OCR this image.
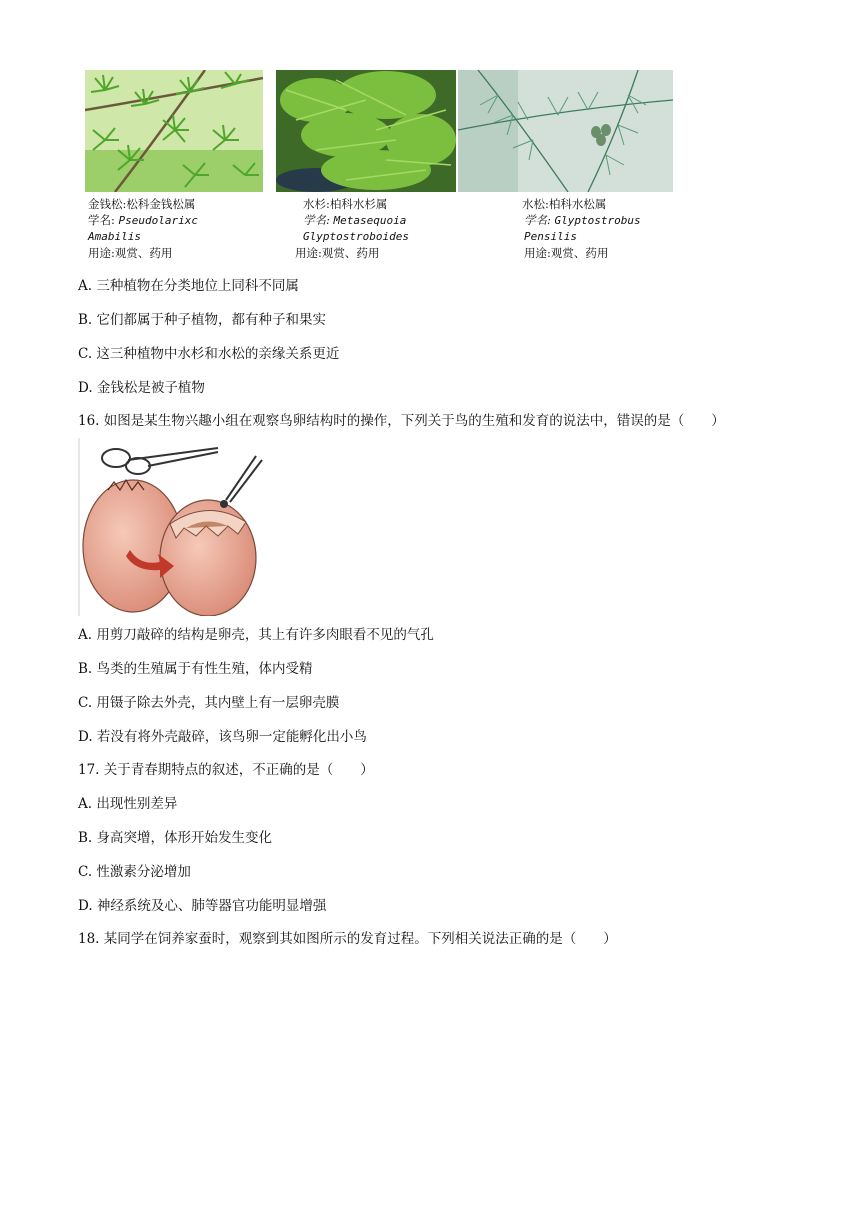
金钱松:松科金钱松属
学名: Pseudolarixc
Amabilis
用途:观赏、药用
水杉:柏科水杉属
学名: Metasequoia
Glyptostroboides
用途:观赏、药用
水松:柏科水松属
学名: Glyptostrobus
Pensilis
用途:观赏、药用
A. 三种植物在分类地位上同科不同属
B. 它们都属于种子植物，都有种子和果实
C. 这三种植物中水杉和水松的亲缘关系更近
D. 金钱松是被子植物
16. 如图是某生物兴趣小组在观察鸟卵结构时的操作，下列关于鸟的生殖和发育的说法中，错误的是（　　）
A. 用剪刀敲碎的结构是卵壳，其上有许多肉眼看不见的气孔
B. 鸟类的生殖属于有性生殖，体内受精
C. 用镊子除去外壳，其内壁上有一层卵壳膜
D. 若没有将外壳敲碎，该鸟卵一定能孵化出小鸟
17. 关于青春期特点的叙述，不正确的是（　　）
A. 出现性别差异
B. 身高突增，体形开始发生变化
C. 性激素分泌增加
D. 神经系统及心、肺等器官功能明显增强
18. 某同学在饲养家蚕时，观察到其如图所示的发育过程。下列相关说法正确的是（　　）
